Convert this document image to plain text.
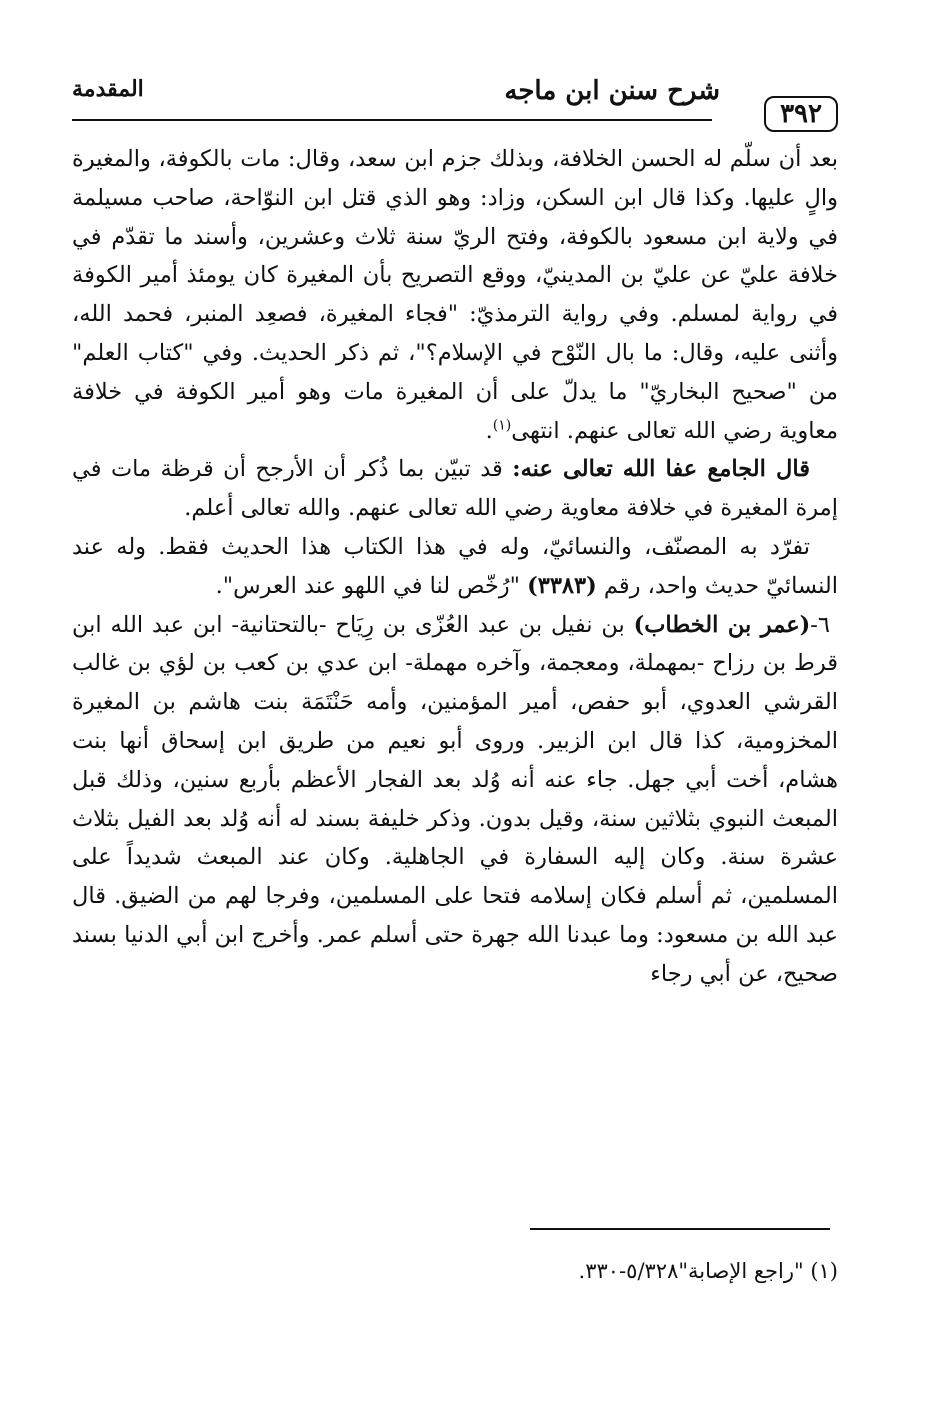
٣٩٢
شرح سنن ابن ماجه
المقدمة

بعد أن سلّم له الحسن الخلافة، وبذلك جزم ابن سعد، وقال: مات بالكوفة، والمغيرة والٍ عليها. وكذا قال ابن السكن، وزاد: وهو الذي قتل ابن النوّاحة، صاحب مسيلمة في ولاية ابن مسعود بالكوفة، وفتح الريّ سنة ثلاث وعشرين، وأسند ما تقدّم في خلافة عليّ عن عليّ بن المدينيّ، ووقع التصريح بأن المغيرة كان يومئذ أمير الكوفة في رواية لمسلم. وفي رواية الترمذيّ: "فجاء المغيرة، فصعِد المنبر، فحمد الله، وأثنى عليه، وقال: ما بال النّوْح في الإسلام؟"، ثم ذكر الحديث. وفي "كتاب العلم" من "صحيح البخاريّ" ما يدلّ على أن المغيرة مات وهو أمير الكوفة في خلافة معاوية رضي الله تعالى عنهم. انتهى$^{(١)}$.

قال الجامع عفا الله تعالى عنه: قد تبيّن بما ذُكر أن الأرجح أن قرظة مات في إمرة المغيرة في خلافة معاوية رضي الله تعالى عنهم. والله تعالى أعلم.

تفرّد به المصنّف، والنسائيّ، وله في هذا الكتاب هذا الحديث فقط. وله عند النسائيّ حديث واحد، رقم (٣٣٨٣) "رُخّص لنا في اللهو عند العرس".

٦-(عمر بن الخطاب) بن نفيل بن عبد العُزّى بن رِيَاح -بالتحتانية- ابن عبد الله ابن قرط بن رزاح -بمهملة، ومعجمة، وآخره مهملة- ابن عدي بن كعب بن لؤي بن غالب القرشي العدوي، أبو حفص، أمير المؤمنين، وأمه حَنْتَمَة بنت هاشم بن المغيرة المخزومية، كذا قال ابن الزبير. وروى أبو نعيم من طريق ابن إسحاق أنها بنت هشام، أخت أبي جهل. جاء عنه أنه وُلد بعد الفجار الأعظم بأربع سنين، وذلك قبل المبعث النبوي بثلاثين سنة، وقيل بدون. وذكر خليفة بسند له أنه وُلد بعد الفيل بثلاث عشرة سنة. وكان إليه السفارة في الجاهلية. وكان عند المبعث شديداً على المسلمين، ثم أسلم فكان إسلامه فتحا على المسلمين، وفرجا لهم من الضيق. قال عبد الله بن مسعود: وما عبدنا الله جهرة حتى أسلم عمر. وأخرج ابن أبي الدنيا بسند صحيح، عن أبي رجاء

(١) "راجع الإصابة"٥/٣٢٨-٣٣٠.
